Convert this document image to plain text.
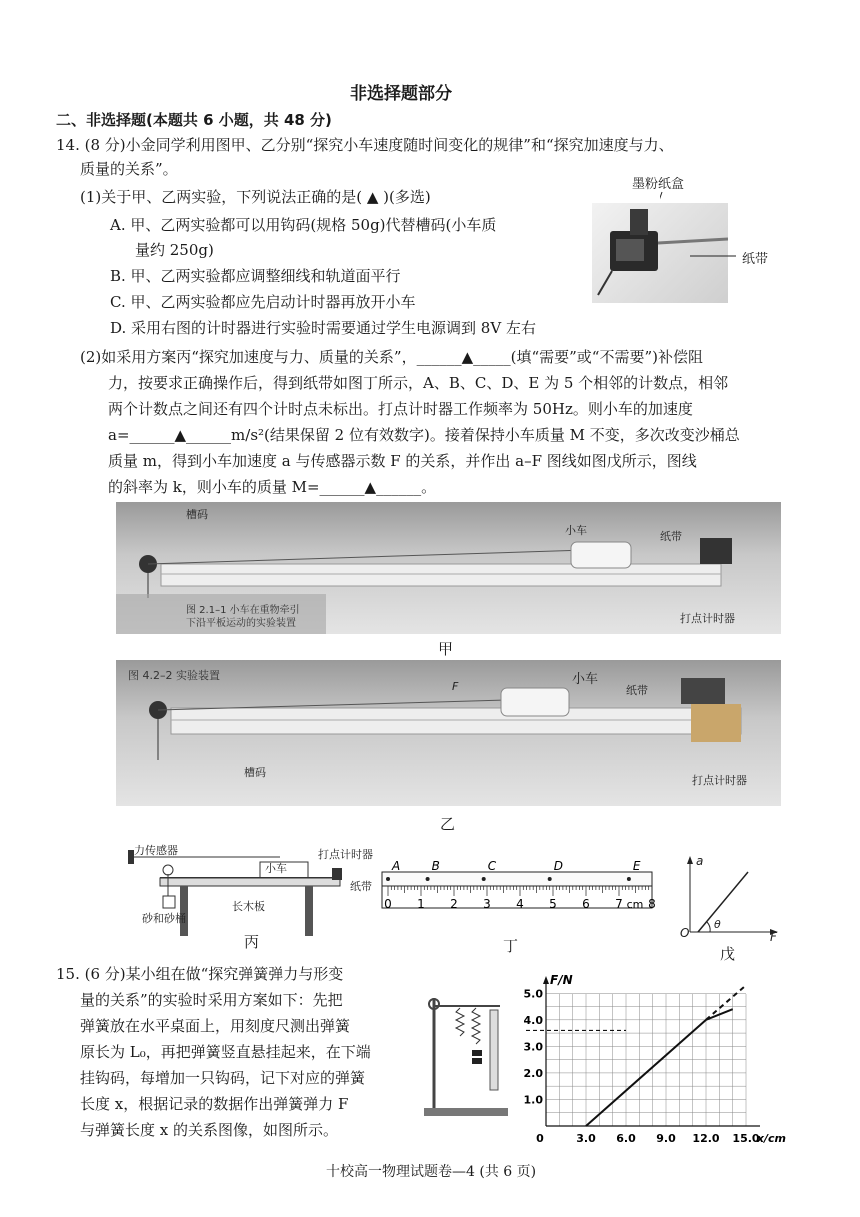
非选择题部分
二、非选择题(本题共 6 小题，共 48 分)
14. (8 分)小金同学利用图甲、乙分别“探究小车速度随时间变化的规律”和“探究加速度与力、
质量的关系”。
(1)关于甲、乙两实验，下列说法正确的是( ▲ )(多选)
A. 甲、乙两实验都可以用钩码(规格 50g)代替槽码(小车质
量约 250g)
B. 甲、乙两实验都应调整细线和轨道面平行
C. 甲、乙两实验都应先启动计时器再放开小车
D. 采用右图的计时器进行实验时需要通过学生电源调到 8V 左右
墨粉纸盒
纸带
(2)如采用方案丙“探究加速度与力、质量的关系”，______▲_____(填“需要”或“不需要”)补偿阻
力，按要求正确操作后，得到纸带如图丁所示，A、B、C、D、E 为 5 个相邻的计数点，相邻
两个计数点之间还有四个计时点未标出。打点计时器工作频率为 50Hz。则小车的加速度
a=______▲______m/s²(结果保留 2 位有效数字)。接着保持小车质量 M 不变，多次改变沙桶总
质量 m，得到小车加速度 a 与传感器示数 F 的关系，并作出 a–F 图线如图戊所示，图线
的斜率为 k，则小车的质量 M=______▲______。
槽码
小车	纸带
打点计时器
图 2.1–1 小车在重物牵引
下沿平板运动的实验装置
甲
图 4.2–2 实验装置
F	小车
纸带
槽码
打点计时器
乙
力传感器
小车
打点计时器
纸带
长木板
砂和砂桶
丙
0 1 2 3 4 5 6 7 8
cm
A	B	C	D	E
丁
a
F
O
θ
戊
15. (6 分)某小组在做“探究弹簧弹力与形变
量的关系”的实验时采用方案如下：先把
弹簧放在水平桌面上，用刻度尺测出弹簧
原长为 L₀，再把弹簧竖直悬挂起来，在下端
挂钩码，每增加一只钩码，记下对应的弹簧
长度 x，根据记录的数据作出弹簧弹力 F
与弹簧长度 x 的关系图像，如图所示。
F/N
x/cm
0	3.0 6.0 9.0 12.0 15.0
1.0
2.0
3.0
4.0
5.0
十校高一物理试题卷—4 (共 6 页)
